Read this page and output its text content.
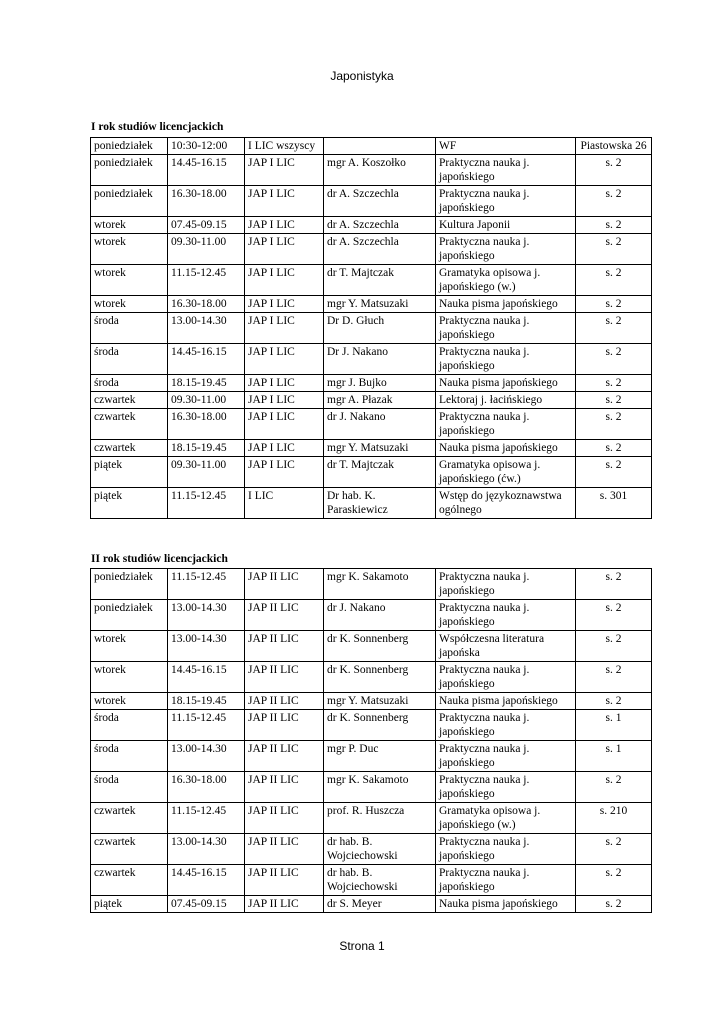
Japonistyka
I rok studiów licencjackich
poniedziałek	10:30-12:00	I LIC wszyscy		WF	Piastowska 26
poniedziałek	14.45-16.15	JAP I LIC	mgr A. Koszołko	Praktyczna nauka j. japońskiego	s. 2
poniedziałek	16.30-18.00	JAP I LIC	dr A. Szczechla	Praktyczna nauka j. japońskiego	s. 2
wtorek	07.45-09.15	JAP I LIC	dr A. Szczechla	Kultura Japonii	s. 2
wtorek	09.30-11.00	JAP I LIC	dr A. Szczechla	Praktyczna nauka j. japońskiego	s. 2
wtorek	11.15-12.45	JAP I LIC	dr T. Majtczak	Gramatyka opisowa j. japońskiego (w.)	s. 2
wtorek	16.30-18.00	JAP I LIC	mgr Y. Matsuzaki	Nauka pisma japońskiego	s. 2
środa	13.00-14.30	JAP I LIC	Dr D. Głuch	Praktyczna nauka j. japońskiego	s. 2
środa	14.45-16.15	JAP I LIC	Dr J. Nakano	Praktyczna nauka j. japońskiego	s. 2
środa	18.15-19.45	JAP I LIC	mgr J. Bujko	Nauka pisma japońskiego	s. 2
czwartek	09.30-11.00	JAP I LIC	mgr A. Płazak	Lektoraj j. łacińskiego	s. 2
czwartek	16.30-18.00	JAP I LIC	dr J. Nakano	Praktyczna nauka j. japońskiego	s. 2
czwartek	18.15-19.45	JAP I LIC	mgr Y. Matsuzaki	Nauka pisma japońskiego	s. 2
piątek	09.30-11.00	JAP I LIC	dr T. Majtczak	Gramatyka opisowa j. japońskiego (ćw.)	s. 2
piątek	11.15-12.45	I LIC	Dr hab. K. Paraskiewicz	Wstęp do językoznawstwa ogólnego	s. 301
II rok studiów licencjackich
poniedziałek	11.15-12.45	JAP II LIC	mgr K. Sakamoto	Praktyczna nauka j. japońskiego	s. 2
poniedziałek	13.00-14.30	JAP II LIC	dr J. Nakano	Praktyczna nauka j. japońskiego	s. 2
wtorek	13.00-14.30	JAP II LIC	dr K. Sonnenberg	Współczesna literatura japońska	s. 2
wtorek	14.45-16.15	JAP II LIC	dr K. Sonnenberg	Praktyczna nauka j. japońskiego	s. 2
wtorek	18.15-19.45	JAP II LIC	mgr Y. Matsuzaki	Nauka pisma japońskiego	s. 2
środa	11.15-12.45	JAP II LIC	dr K. Sonnenberg	Praktyczna nauka j. japońskiego	s. 1
środa	13.00-14.30	JAP II LIC	mgr P. Duc	Praktyczna nauka j. japońskiego	s. 1
środa	16.30-18.00	JAP II LIC	mgr K. Sakamoto	Praktyczna nauka j. japońskiego	s. 2
czwartek	11.15-12.45	JAP II LIC	prof. R. Huszcza	Gramatyka opisowa j. japońskiego (w.)	s. 210
czwartek	13.00-14.30	JAP II LIC	dr hab. B. Wojciechowski	Praktyczna nauka j. japońskiego	s. 2
czwartek	14.45-16.15	JAP II LIC	dr hab. B. Wojciechowski	Praktyczna nauka j. japońskiego	s. 2
piątek	07.45-09.15	JAP II LIC	dr S. Meyer	Nauka pisma japońskiego	s. 2
Strona 1
